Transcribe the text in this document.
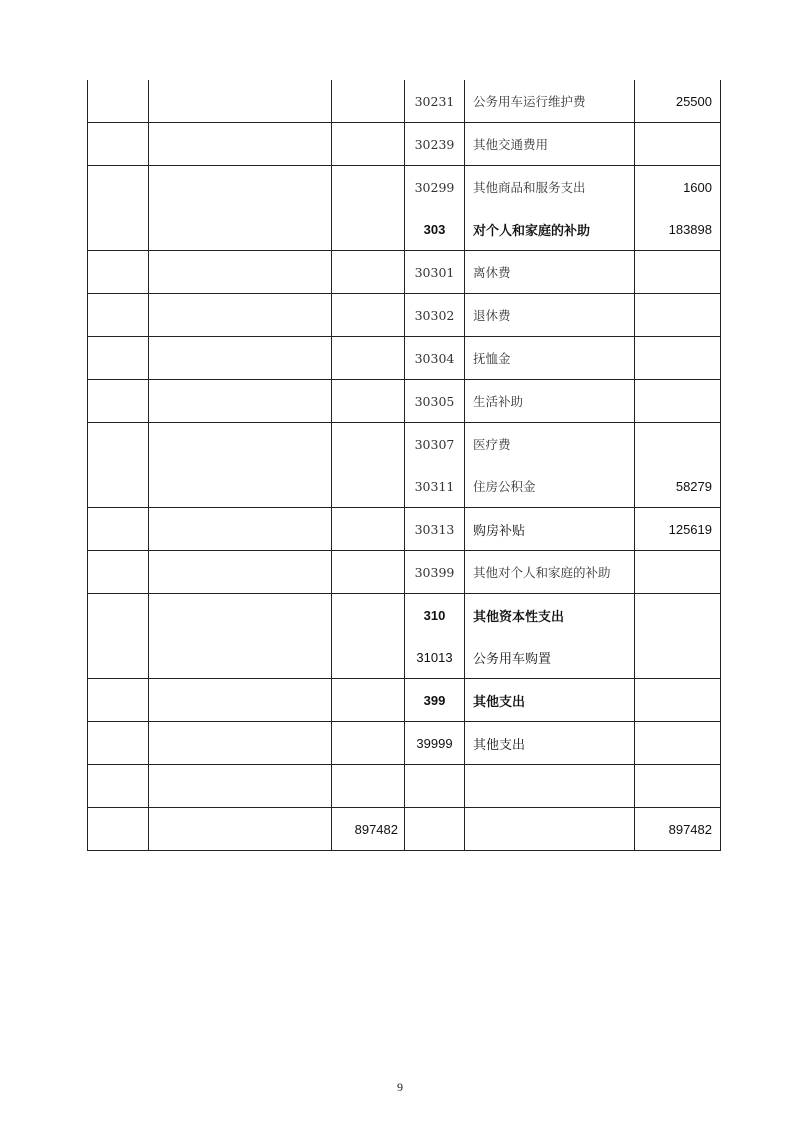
			30231	公务用车运行维护费	25500
			30239	其他交通费用	
			30299	其他商品和服务支出	1600
			303	对个人和家庭的补助	183898
			30301	离休费	
			30302	退休费	
			30304	抚恤金	
			30305	生活补助	
			30307	医疗费	
			30311	住房公积金	58279
			30313	购房补贴	125619
			30399	其他对个人和家庭的补助	
			310	其他资本性支出	
			31013	公务用车购置	
			399	其他支出	
			39999	其他支出	

		897482			897482
9
